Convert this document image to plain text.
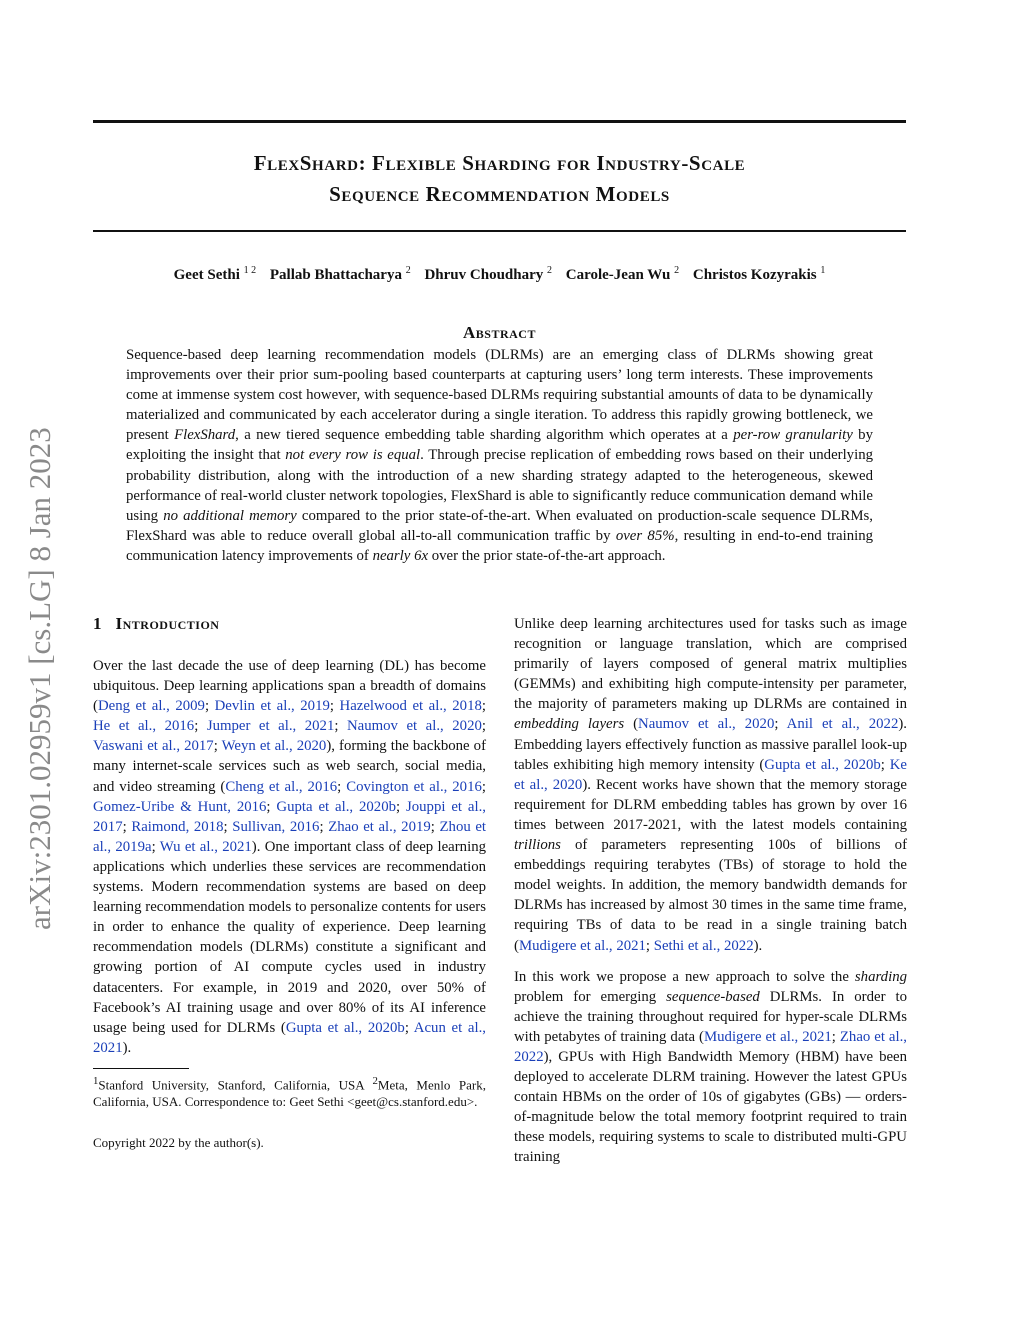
arXiv:2301.02959v1 [cs.LG] 8 Jan 2023
FlexShard: Flexible Sharding for Industry-Scale
Sequence Recommendation Models
Geet Sethi $^{1 2}$ Pallab Bhattacharya $^2$ Dhruv Choudhary $^2$ Carole-Jean Wu $^2$ Christos Kozyrakis $^1$
Abstract

Sequence-based deep learning recommendation models (DLRMs) are an emerging class of DLRMs showing great improvements over their prior sum-pooling based counterparts at capturing users’ long term interests. These improvements come at immense system cost however, with sequence-based DLRMs requiring substantial amounts of data to be dynamically materialized and communicated by each accelerator during a single iteration. To address this rapidly growing bottleneck, we present FlexShard, a new tiered sequence embedding table sharding algorithm which operates at a per-row granularity by exploiting the insight that not every row is equal. Through precise replication of embedding rows based on their underlying probability distribution, along with the introduction of a new sharding strategy adapted to the heterogeneous, skewed performance of real-world cluster network topologies, FlexShard is able to significantly reduce communication demand while using no additional memory compared to the prior state-of-the-art. When evaluated on production-scale sequence DLRMs, FlexShard was able to reduce overall global all-to-all communication traffic by over 85%, resulting in end-to-end training communication latency improvements of nearly 6x over the prior state-of-the-art approach.

1 Introduction

Over the last decade the use of deep learning (DL) has become ubiquitous. Deep learning applications span a breadth of domains (Deng et al., 2009; Devlin et al., 2019; Hazelwood et al., 2018; He et al., 2016; Jumper et al., 2021; Naumov et al., 2020; Vaswani et al., 2017; Weyn et al., 2020), forming the backbone of many internet-scale services such as web search, social media, and video streaming (Cheng et al., 2016; Covington et al., 2016; Gomez-Uribe & Hunt, 2016; Gupta et al., 2020b; Jouppi et al., 2017; Raimond, 2018; Sullivan, 2016; Zhao et al., 2019; Zhou et al., 2019a; Wu et al., 2021). One important class of deep learning applications which underlies these services are recommendation systems. Modern recommendation systems are based on deep learning recommendation models to personalize contents for users in order to enhance the quality of experience. Deep learning recommendation models (DLRMs) constitute a significant and growing portion of AI compute cycles used in industry datacenters. For example, in 2019 and 2020, over 50% of Facebook’s AI training usage and over 80% of its AI inference usage being used for DLRMs (Gupta et al., 2020b; Acun et al., 2021).

$^1$Stanford University, Stanford, California, USA $^2$Meta, Menlo Park, California, USA. Correspondence to: Geet Sethi <geet@cs.stanford.edu>.

Copyright 2022 by the author(s).

Unlike deep learning architectures used for tasks such as image recognition or language translation, which are comprised primarily of layers composed of general matrix multiplies (GEMMs) and exhibiting high compute-intensity per parameter, the majority of parameters making up DLRMs are contained in embedding layers (Naumov et al., 2020; Anil et al., 2022). Embedding layers effectively function as massive parallel look-up tables exhibiting high memory intensity (Gupta et al., 2020b; Ke et al., 2020). Recent works have shown that the memory storage requirement for DLRM embedding tables has grown by over 16 times between 2017-2021, with the latest models containing trillions of parameters representing 100s of billions of embeddings requiring terabytes (TBs) of storage to hold the model weights. In addition, the memory bandwidth demands for DLRMs has increased by almost 30 times in the same time frame, requiring TBs of data to be read in a single training batch (Mudigere et al., 2021; Sethi et al., 2022).

In this work we propose a new approach to solve the sharding problem for emerging sequence-based DLRMs. In order to achieve the training throughout required for hyper-scale DLRMs with petabytes of training data (Mudigere et al., 2021; Zhao et al., 2022), GPUs with High Bandwidth Memory (HBM) have been deployed to accelerate DLRM training. However the latest GPUs contain HBMs on the order of 10s of gigabytes (GBs) — orders-of-magnitude below the total memory footprint required to train these models, requiring systems to scale to distributed multi-GPU training
